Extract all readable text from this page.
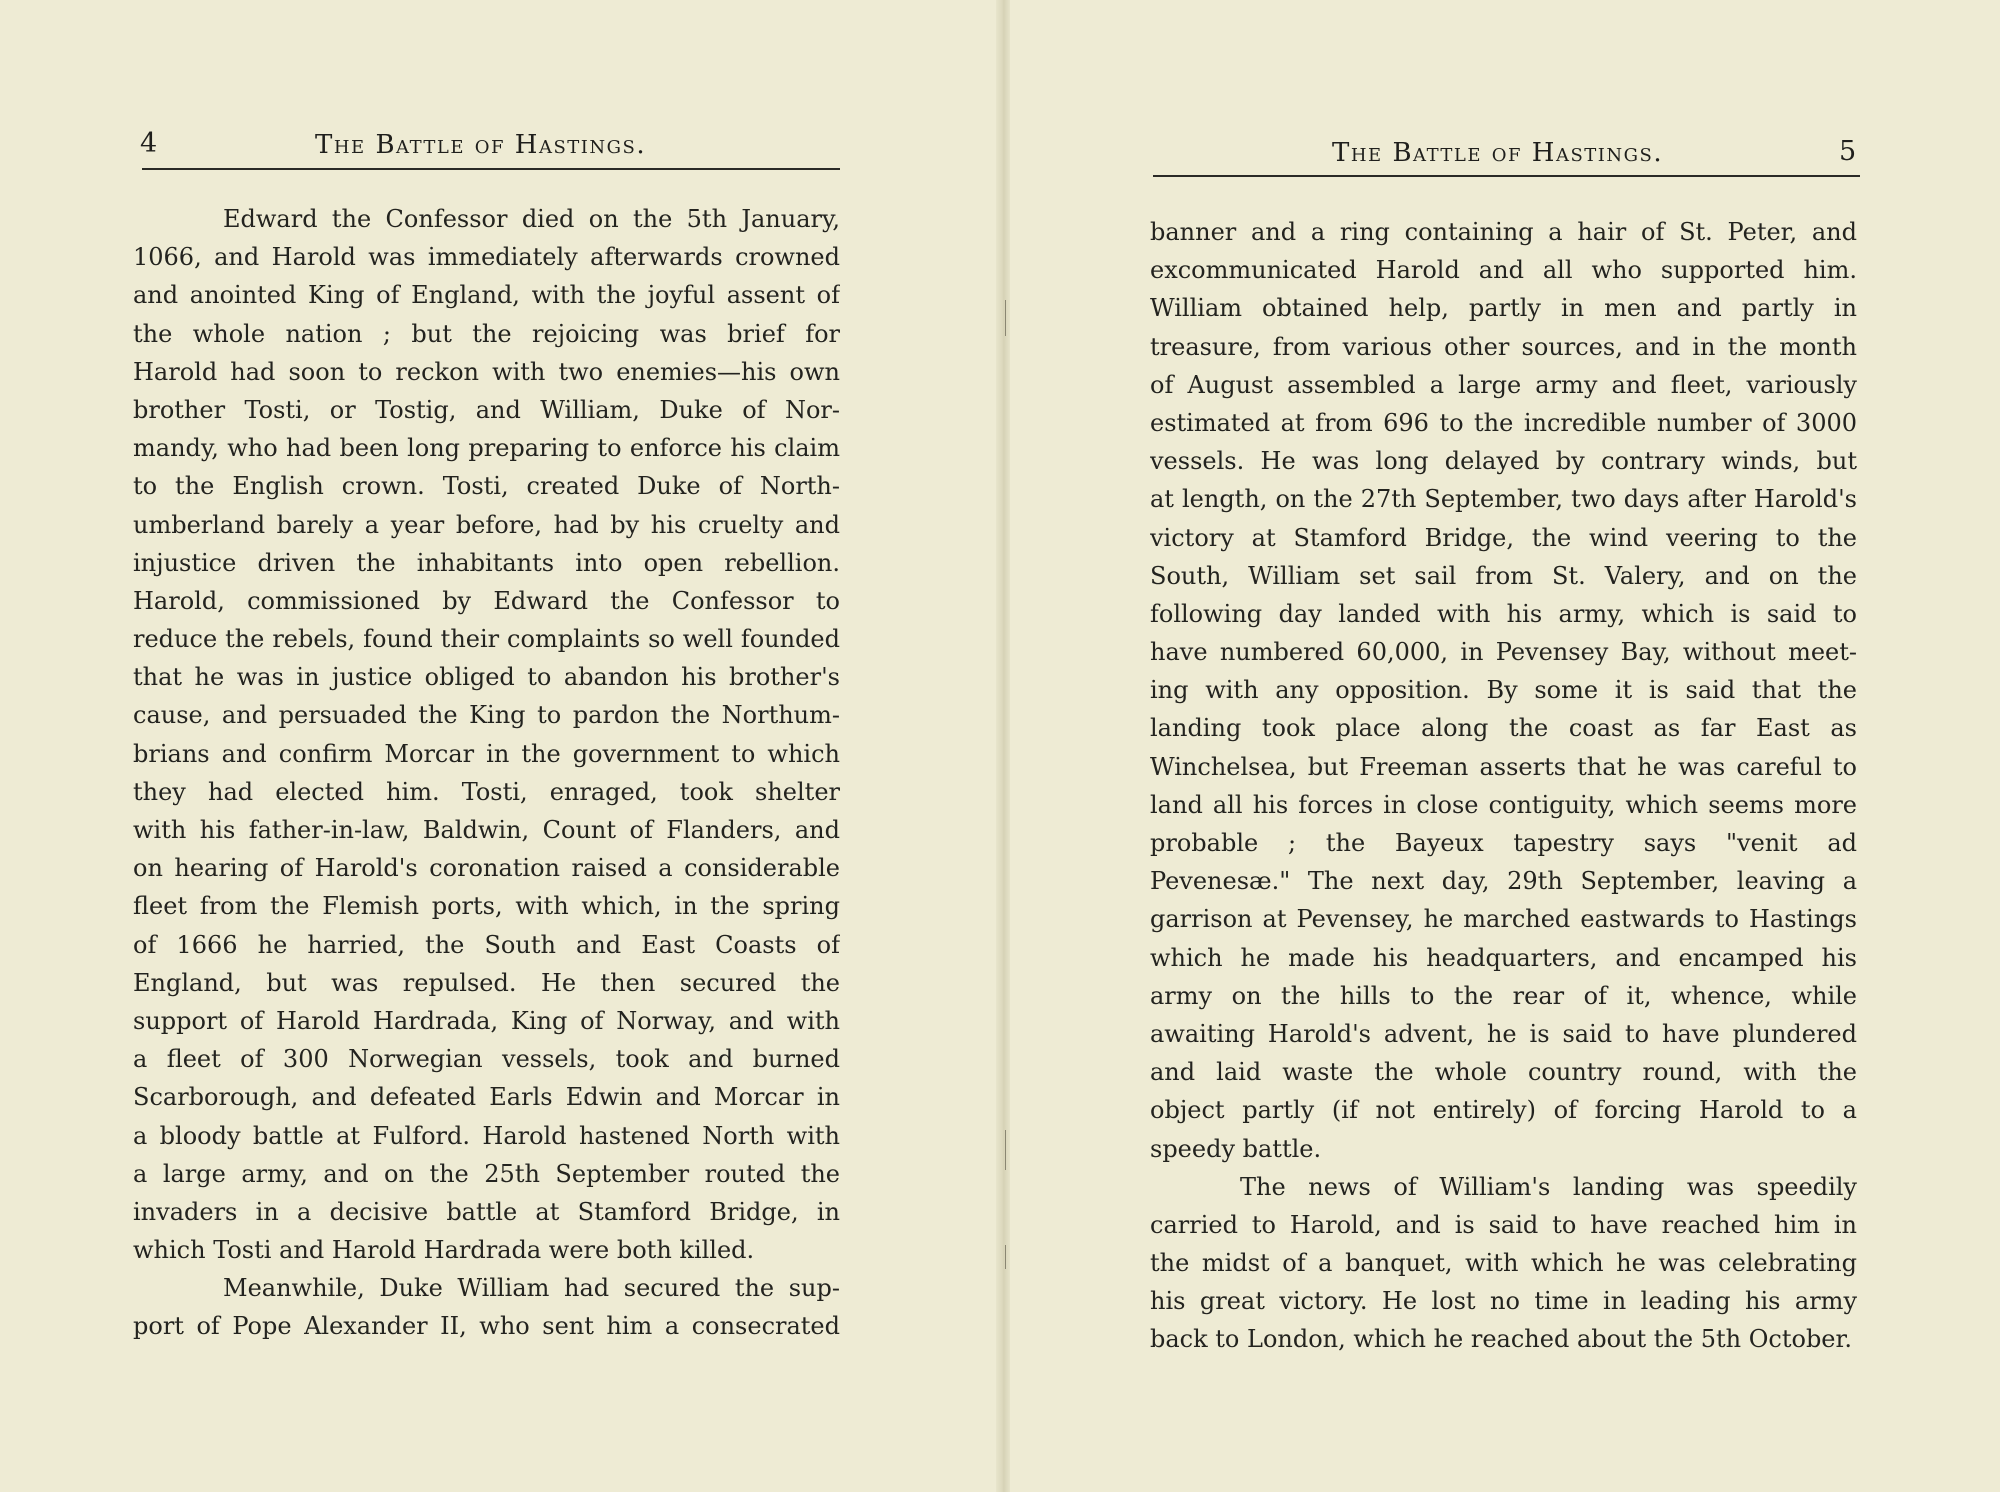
4	The Battle of Hastings.
Edward the Confessor died on the 5th January,
1066, and Harold was immediately afterwards crowned
and anointed King of England, with the joyful assent of
the whole nation ; but the rejoicing was brief for
Harold had soon to reckon with two enemies—his own
brother Tosti, or Tostig, and William, Duke of Nor-
mandy, who had been long preparing to enforce his claim
to the English crown. Tosti, created Duke of North-
umberland barely a year before, had by his cruelty and
injustice driven the inhabitants into open rebellion.
Harold, commissioned by Edward the Confessor to
reduce the rebels, found their complaints so well founded
that he was in justice obliged to abandon his brother's
cause, and persuaded the King to pardon the Northum-
brians and confirm Morcar in the government to which
they had elected him. Tosti, enraged, took shelter
with his father-in-law, Baldwin, Count of Flanders, and
on hearing of Harold's coronation raised a considerable
fleet from the Flemish ports, with which, in the spring
of 1666 he harried, the South and East Coasts of
England, but was repulsed. He then secured the
support of Harold Hardrada, King of Norway, and with
a fleet of 300 Norwegian vessels, took and burned
Scarborough, and defeated Earls Edwin and Morcar in
a bloody battle at Fulford. Harold hastened North with
a large army, and on the 25th September routed the
invaders in a decisive battle at Stamford Bridge, in
which Tosti and Harold Hardrada were both killed.
Meanwhile, Duke William had secured the sup-
port of Pope Alexander II, who sent him a consecrated
The Battle of Hastings.	5
banner and a ring containing a hair of St. Peter, and
excommunicated Harold and all who supported him.
William obtained help, partly in men and partly in
treasure, from various other sources, and in the month
of August assembled a large army and fleet, variously
estimated at from 696 to the incredible number of 3000
vessels. He was long delayed by contrary winds, but
at length, on the 27th September, two days after Harold's
victory at Stamford Bridge, the wind veering to the
South, William set sail from St. Valery, and on the
following day landed with his army, which is said to
have numbered 60,000, in Pevensey Bay, without meet-
ing with any opposition. By some it is said that the
landing took place along the coast as far East as
Winchelsea, but Freeman asserts that he was careful to
land all his forces in close contiguity, which seems more
probable ; the Bayeux tapestry says "venit ad
Pevenesæ." The next day, 29th September, leaving a
garrison at Pevensey, he marched eastwards to Hastings
which he made his headquarters, and encamped his
army on the hills to the rear of it, whence, while
awaiting Harold's advent, he is said to have plundered
and laid waste the whole country round, with the
object partly (if not entirely) of forcing Harold to a
speedy battle.
The news of William's landing was speedily
carried to Harold, and is said to have reached him in
the midst of a banquet, with which he was celebrating
his great victory. He lost no time in leading his army
back to London, which he reached about the 5th October.
